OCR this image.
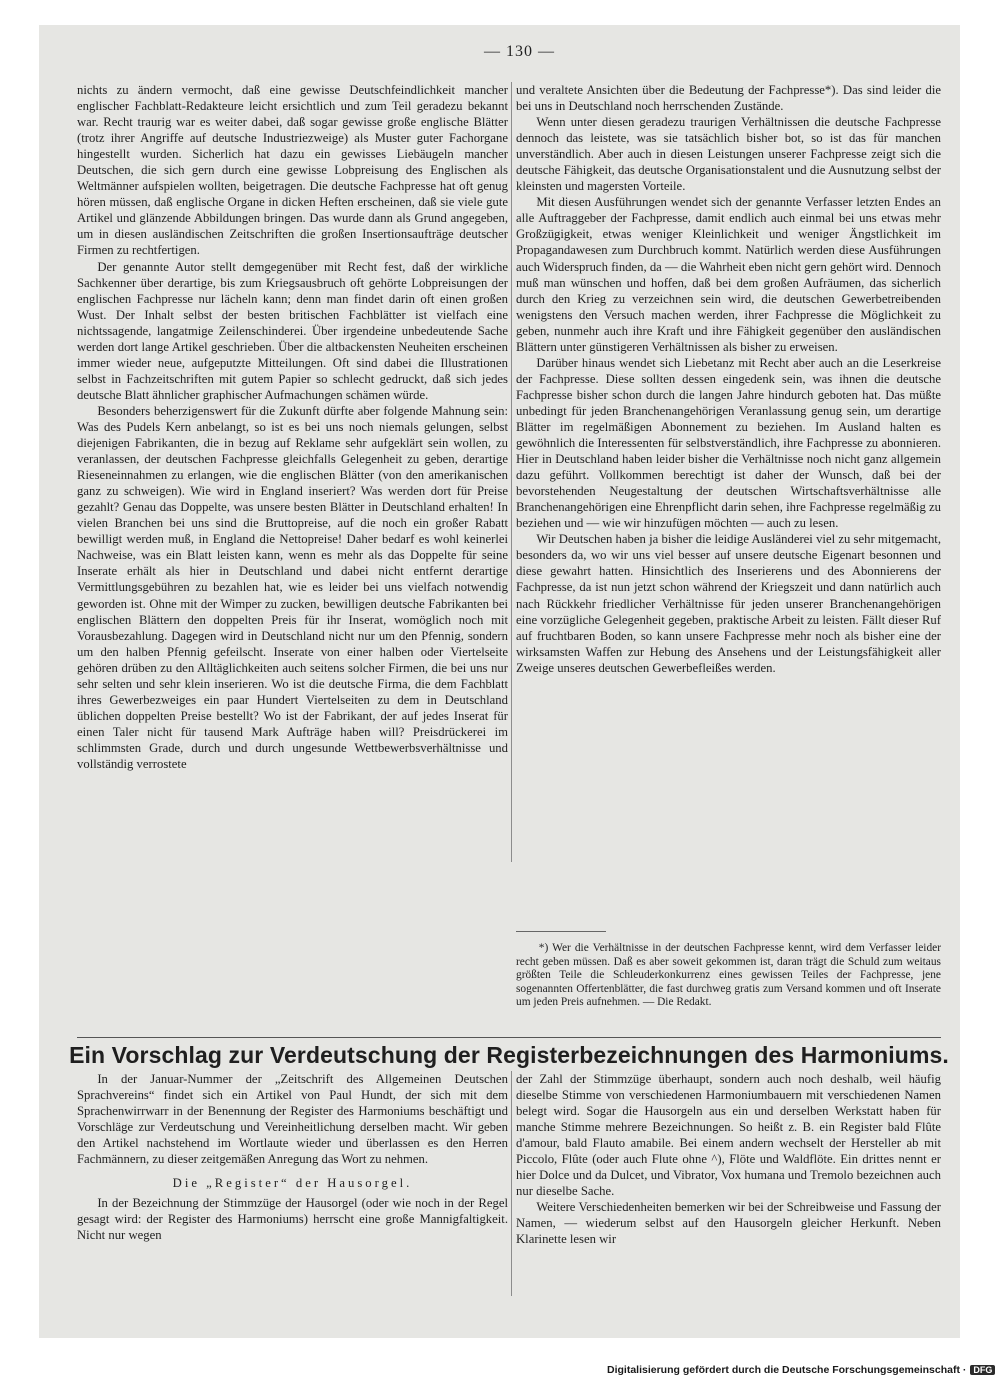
— 130 —

nichts zu ändern vermocht, daß eine gewisse Deutschfeindlichkeit mancher englischer Fachblatt-Redakteure leicht ersichtlich und zum Teil geradezu bekannt war. Recht traurig war es weiter dabei, daß sogar gewisse große englische Blätter (trotz ihrer Angriffe auf deutsche Industriezweige) als Muster guter Fachorgane hingestellt wurden. Sicherlich hat dazu ein gewisses Liebäugeln mancher Deutschen, die sich gern durch eine gewisse Lobpreisung des Englischen als Weltmänner aufspielen wollten, beigetragen. Die deutsche Fachpresse hat oft genug hören müssen, daß englische Organe in dicken Heften erscheinen, daß sie viele gute Artikel und glänzende Abbildungen bringen. Das wurde dann als Grund angegeben, um in diesen ausländischen Zeitschriften die großen Insertionsaufträge deutscher Firmen zu rechtfertigen.

Der genannte Autor stellt demgegenüber mit Recht fest, daß der wirkliche Sachkenner über derartige, bis zum Kriegsausbruch oft gehörte Lobpreisungen der englischen Fachpresse nur lächeln kann; denn man findet darin oft einen großen Wust. Der Inhalt selbst der besten britischen Fachblätter ist vielfach eine nichtssagende, langatmige Zeilenschinderei. Über irgendeine unbedeutende Sache werden dort lange Artikel geschrieben. Über die altbackensten Neuheiten erscheinen immer wieder neue, aufgeputzte Mitteilungen. Oft sind dabei die Illustrationen selbst in Fachzeitschriften mit gutem Papier so schlecht gedruckt, daß sich jedes deutsche Blatt ähnlicher graphischer Aufmachungen schämen würde.

Besonders beherzigenswert für die Zukunft dürfte aber folgende Mahnung sein: Was des Pudels Kern anbelangt, so ist es bei uns noch niemals gelungen, selbst diejenigen Fabrikanten, die in bezug auf Reklame sehr aufgeklärt sein wollen, zu veranlassen, der deutschen Fachpresse gleichfalls Gelegenheit zu geben, derartige Rieseneinnahmen zu erlangen, wie die englischen Blätter (von den amerikanischen ganz zu schweigen). Wie wird in England inseriert? Was werden dort für Preise gezahlt? Genau das Doppelte, was unsere besten Blätter in Deutschland erhalten! In vielen Branchen bei uns sind die Bruttopreise, auf die noch ein großer Rabatt bewilligt werden muß, in England die Nettopreise! Daher bedarf es wohl keinerlei Nachweise, was ein Blatt leisten kann, wenn es mehr als das Doppelte für seine Inserate erhält als hier in Deutschland und dabei nicht entfernt derartige Vermittlungsgebühren zu bezahlen hat, wie es leider bei uns vielfach notwendig geworden ist. Ohne mit der Wimper zu zucken, bewilligen deutsche Fabrikanten bei englischen Blättern den doppelten Preis für ihr Inserat, womöglich noch mit Vorausbezahlung. Dagegen wird in Deutschland nicht nur um den Pfennig, sondern um den halben Pfennig gefeilscht. Inserate von einer halben oder Viertelseite gehören drüben zu den Alltäglichkeiten auch seitens solcher Firmen, die bei uns nur sehr selten und sehr klein inserieren. Wo ist die deutsche Firma, die dem Fachblatt ihres Gewerbezweiges ein paar Hundert Viertelseiten zu dem in Deutschland üblichen doppelten Preise bestellt? Wo ist der Fabrikant, der auf jedes Inserat für einen Taler nicht für tausend Mark Aufträge haben will? Preisdrückerei im schlimmsten Grade, durch und durch ungesunde Wettbewerbsverhältnisse und vollständig verrostete

und veraltete Ansichten über die Bedeutung der Fachpresse*). Das sind leider die bei uns in Deutschland noch herrschenden Zustände.

Wenn unter diesen geradezu traurigen Verhältnissen die deutsche Fachpresse dennoch das leistete, was sie tatsächlich bisher bot, so ist das für manchen unverständlich. Aber auch in diesen Leistungen unserer Fachpresse zeigt sich die deutsche Fähigkeit, das deutsche Organisationstalent und die Ausnutzung selbst der kleinsten und magersten Vorteile.

Mit diesen Ausführungen wendet sich der genannte Verfasser letzten Endes an alle Auftraggeber der Fachpresse, damit endlich auch einmal bei uns etwas mehr Großzügigkeit, etwas weniger Kleinlichkeit und weniger Ängstlichkeit im Propagandawesen zum Durchbruch kommt. Natürlich werden diese Ausführungen auch Widerspruch finden, da — die Wahrheit eben nicht gern gehört wird. Dennoch muß man wünschen und hoffen, daß bei dem großen Aufräumen, das sicherlich durch den Krieg zu verzeichnen sein wird, die deutschen Gewerbetreibenden wenigstens den Versuch machen werden, ihrer Fachpresse die Möglichkeit zu geben, nunmehr auch ihre Kraft und ihre Fähigkeit gegenüber den ausländischen Blättern unter günstigeren Verhältnissen als bisher zu erweisen.

Darüber hinaus wendet sich Liebetanz mit Recht aber auch an die Leserkreise der Fachpresse. Diese sollten dessen eingedenk sein, was ihnen die deutsche Fachpresse bisher schon durch die langen Jahre hindurch geboten hat. Das müßte unbedingt für jeden Branchenangehörigen Veranlassung genug sein, um derartige Blätter im regelmäßigen Abonnement zu beziehen. Im Ausland halten es gewöhnlich die Interessenten für selbstverständlich, ihre Fachpresse zu abonnieren. Hier in Deutschland haben leider bisher die Verhältnisse noch nicht ganz allgemein dazu geführt. Vollkommen berechtigt ist daher der Wunsch, daß bei der bevorstehenden Neugestaltung der deutschen Wirtschaftsverhältnisse alle Branchenangehörigen eine Ehrenpflicht darin sehen, ihre Fachpresse regelmäßig zu beziehen und — wie wir hinzufügen möchten — auch zu lesen.

Wir Deutschen haben ja bisher die leidige Ausländerei viel zu sehr mitgemacht, besonders da, wo wir uns viel besser auf unsere deutsche Eigenart besonnen und diese gewahrt hatten. Hinsichtlich des Inserierens und des Abonnierens der Fachpresse, da ist nun jetzt schon während der Kriegszeit und dann natürlich auch nach Rückkehr friedlicher Verhältnisse für jeden unserer Branchenangehörigen eine vorzügliche Gelegenheit gegeben, praktische Arbeit zu leisten. Fällt dieser Ruf auf fruchtbaren Boden, so kann unsere Fachpresse mehr noch als bisher eine der wirksamsten Waffen zur Hebung des Ansehens und der Leistungsfähigkeit aller Zweige unseres deutschen Gewerbefleißes werden.

*) Wer die Verhältnisse in der deutschen Fachpresse kennt, wird dem Verfasser leider recht geben müssen. Daß es aber soweit gekommen ist, daran trägt die Schuld zum weitaus größten Teile die Schleuderkonkurrenz eines gewissen Teiles der Fachpresse, jene sogenannten Offertenblätter, die fast durchweg gratis zum Versand kommen und oft Inserate um jeden Preis aufnehmen. — Die Redakt.

Ein Vorschlag zur Verdeutschung der Registerbezeichnungen des Harmoniums.

In der Januar-Nummer der „Zeitschrift des Allgemeinen Deutschen Sprachvereins“ findet sich ein Artikel von Paul Hundt, der sich mit dem Sprachenwirrwarr in der Benennung der Register des Harmoniums beschäftigt und Vorschläge zur Verdeutschung und Vereinheitlichung derselben macht. Wir geben den Artikel nachstehend im Wortlaute wieder und überlassen es den Herren Fachmännern, zu dieser zeitgemäßen Anregung das Wort zu nehmen.

Die „Register“ der Hausorgel.

In der Bezeichnung der Stimmzüge der Hausorgel (oder wie noch in der Regel gesagt wird: der Register des Harmoniums) herrscht eine große Mannigfaltigkeit. Nicht nur wegen

der Zahl der Stimmzüge überhaupt, sondern auch noch deshalb, weil häufig dieselbe Stimme von verschiedenen Harmoniumbauern mit verschiedenen Namen belegt wird. Sogar die Hausorgeln aus ein und derselben Werkstatt haben für manche Stimme mehrere Bezeichnungen. So heißt z. B. ein Register bald Flûte d'amour, bald Flauto amabile. Bei einem andern wechselt der Hersteller ab mit Piccolo, Flûte (oder auch Flute ohne ^), Flöte und Waldflöte. Ein drittes nennt er hier Dolce und da Dulcet, und Vibrator, Vox humana und Tremolo bezeichnen auch nur dieselbe Sache.

Weitere Verschiedenheiten bemerken wir bei der Schreibweise und Fassung der Namen, — wiederum selbst auf den Hausorgeln gleicher Herkunft. Neben Klarinette lesen wir

Digitalisierung gefördert durch die Deutsche Forschungsgemeinschaft · DFG
